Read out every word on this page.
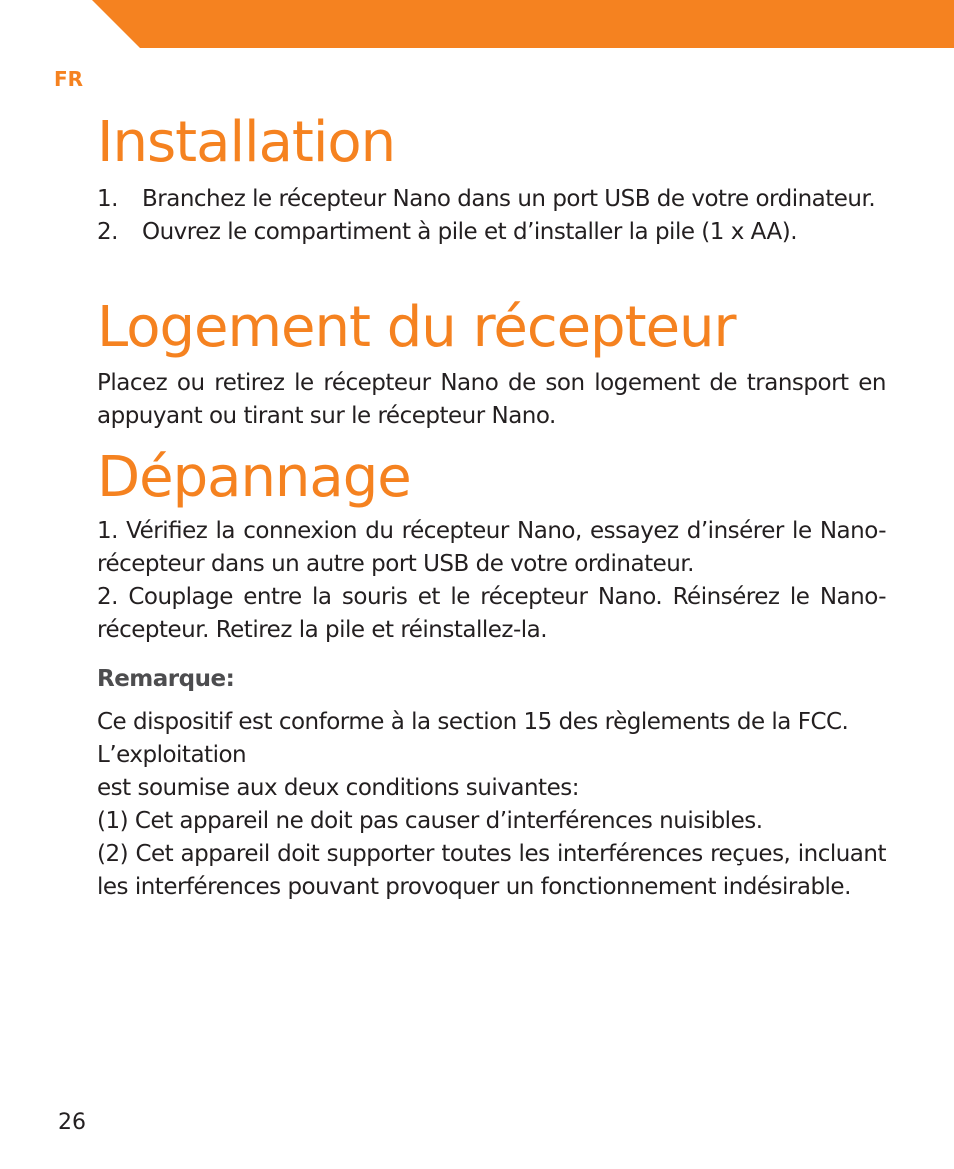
FR
Installation
1. Branchez le récepteur Nano dans un port USB de votre ordinateur.
2. Ouvrez le compartiment à pile et d’installer la pile (1 x AA).
Logement du récepteur
Placez ou retirez le récepteur Nano de son logement de transport en appuyant ou tirant sur le récepteur Nano.
Dépannage
1. Vériﬁez la connexion du récepteur Nano, essayez d’insérer le Nano-récepteur dans un autre port USB de votre ordinateur.
2. Couplage entre la souris et le récepteur Nano. Réinsérez le Nano-récepteur. Retirez la pile et réinstallez-la.
Remarque:
Ce dispositif est conforme à la section 15 des règlements de la FCC.
L’exploitation
est soumise aux deux conditions suivantes:
(1) Cet appareil ne doit pas causer d’interférences nuisibles.
(2) Cet appareil doit supporter toutes les interférences reçues, incluant les interférences pouvant provoquer un fonctionnement indésirable.
26
